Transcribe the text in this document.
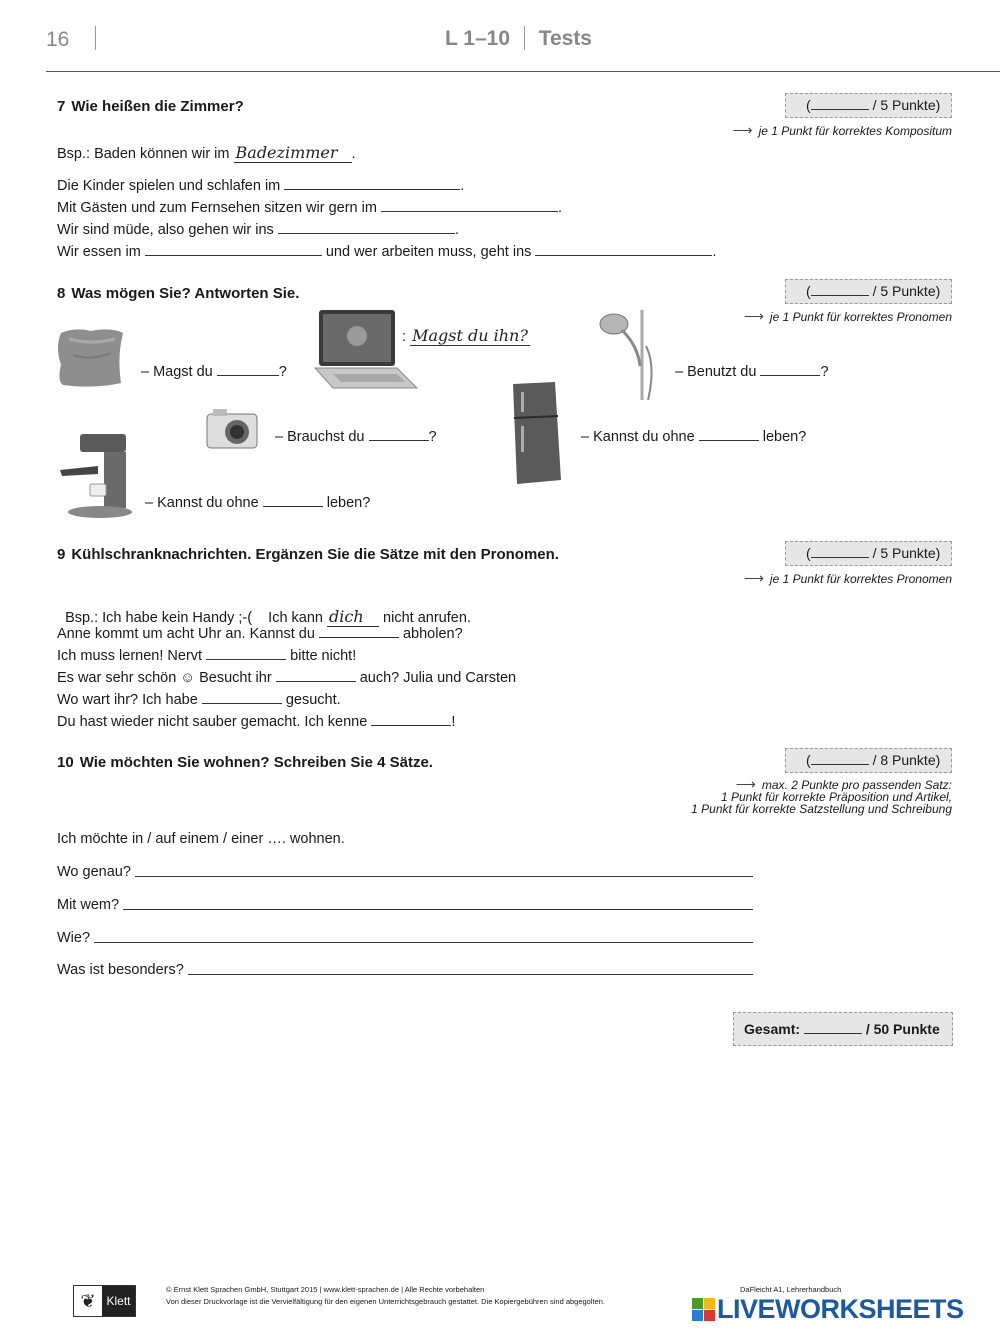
16	L 1–10 Tests
7 Wie heißen die Zimmer?	(	/ 5 Punkte)
⟶ je 1 Punkt für korrektes Kompositum
Bsp.: Baden können wir im Badezimmer .
Die Kinder spielen und schlafen im	.
Mit Gästen und zum Fernsehen sitzen wir gern im	.
Wir sind müde, also gehen wir ins	.
Wir essen im	und wer arbeiten muss, geht ins	.
8 Was mögen Sie? Antworten Sie.	(	/ 5 Punkte)
⟶ je 1 Punkt für korrektes Pronomen
– Magst du	?
: Magst du ihn?
– Benutzt du	?
– Brauchst du	?	– Kannst du ohne	leben?
– Kannst du ohne	leben?
9 Kühlschranknachrichten. Ergänzen Sie die Sätze mit den Pronomen.	(	/ 5 Punkte)
⟶ je 1 Punkt für korrektes Pronomen

Bsp.: Ich habe kein Handy ;-(    Ich kann dich nicht anrufen.

Anne kommt um acht Uhr an. Kannst du	abholen?
Ich muss lernen! Nervt	bitte nicht!
Es war sehr schön ☺ Besucht ihr	auch? Julia und Carsten
Wo wart ihr? Ich habe	gesucht.
Du hast wieder nicht sauber gemacht. Ich kenne	!
10 Wie möchten Sie wohnen? Schreiben Sie 4 Sätze.	(	/ 8 Punkte)
⟶ max. 2 Punkte pro passenden Satz:
1 Punkt für korrekte Präposition und Artikel,
1 Punkt für korrekte Satzstellung und Schreibung
Ich möchte in / auf einem / einer …. wohnen.
Wo genau?
Mit wem?
Wie?
Was ist besonders?
Gesamt:	/ 50 Punkte
❦ Klett
© Ernst Klett Sprachen GmbH, Stuttgart 2015 | www.klett-sprachen.de | Alle Rechte vorbehalten
Von dieser Druckvorlage ist die Vervielfältigung für den eigenen Unterrichtsgebrauch gestattet. Die Kopiergebühren sind abgegolten.
DaFleicht A1, Lehrerhandbuch
LIVEWORKSHEETS
